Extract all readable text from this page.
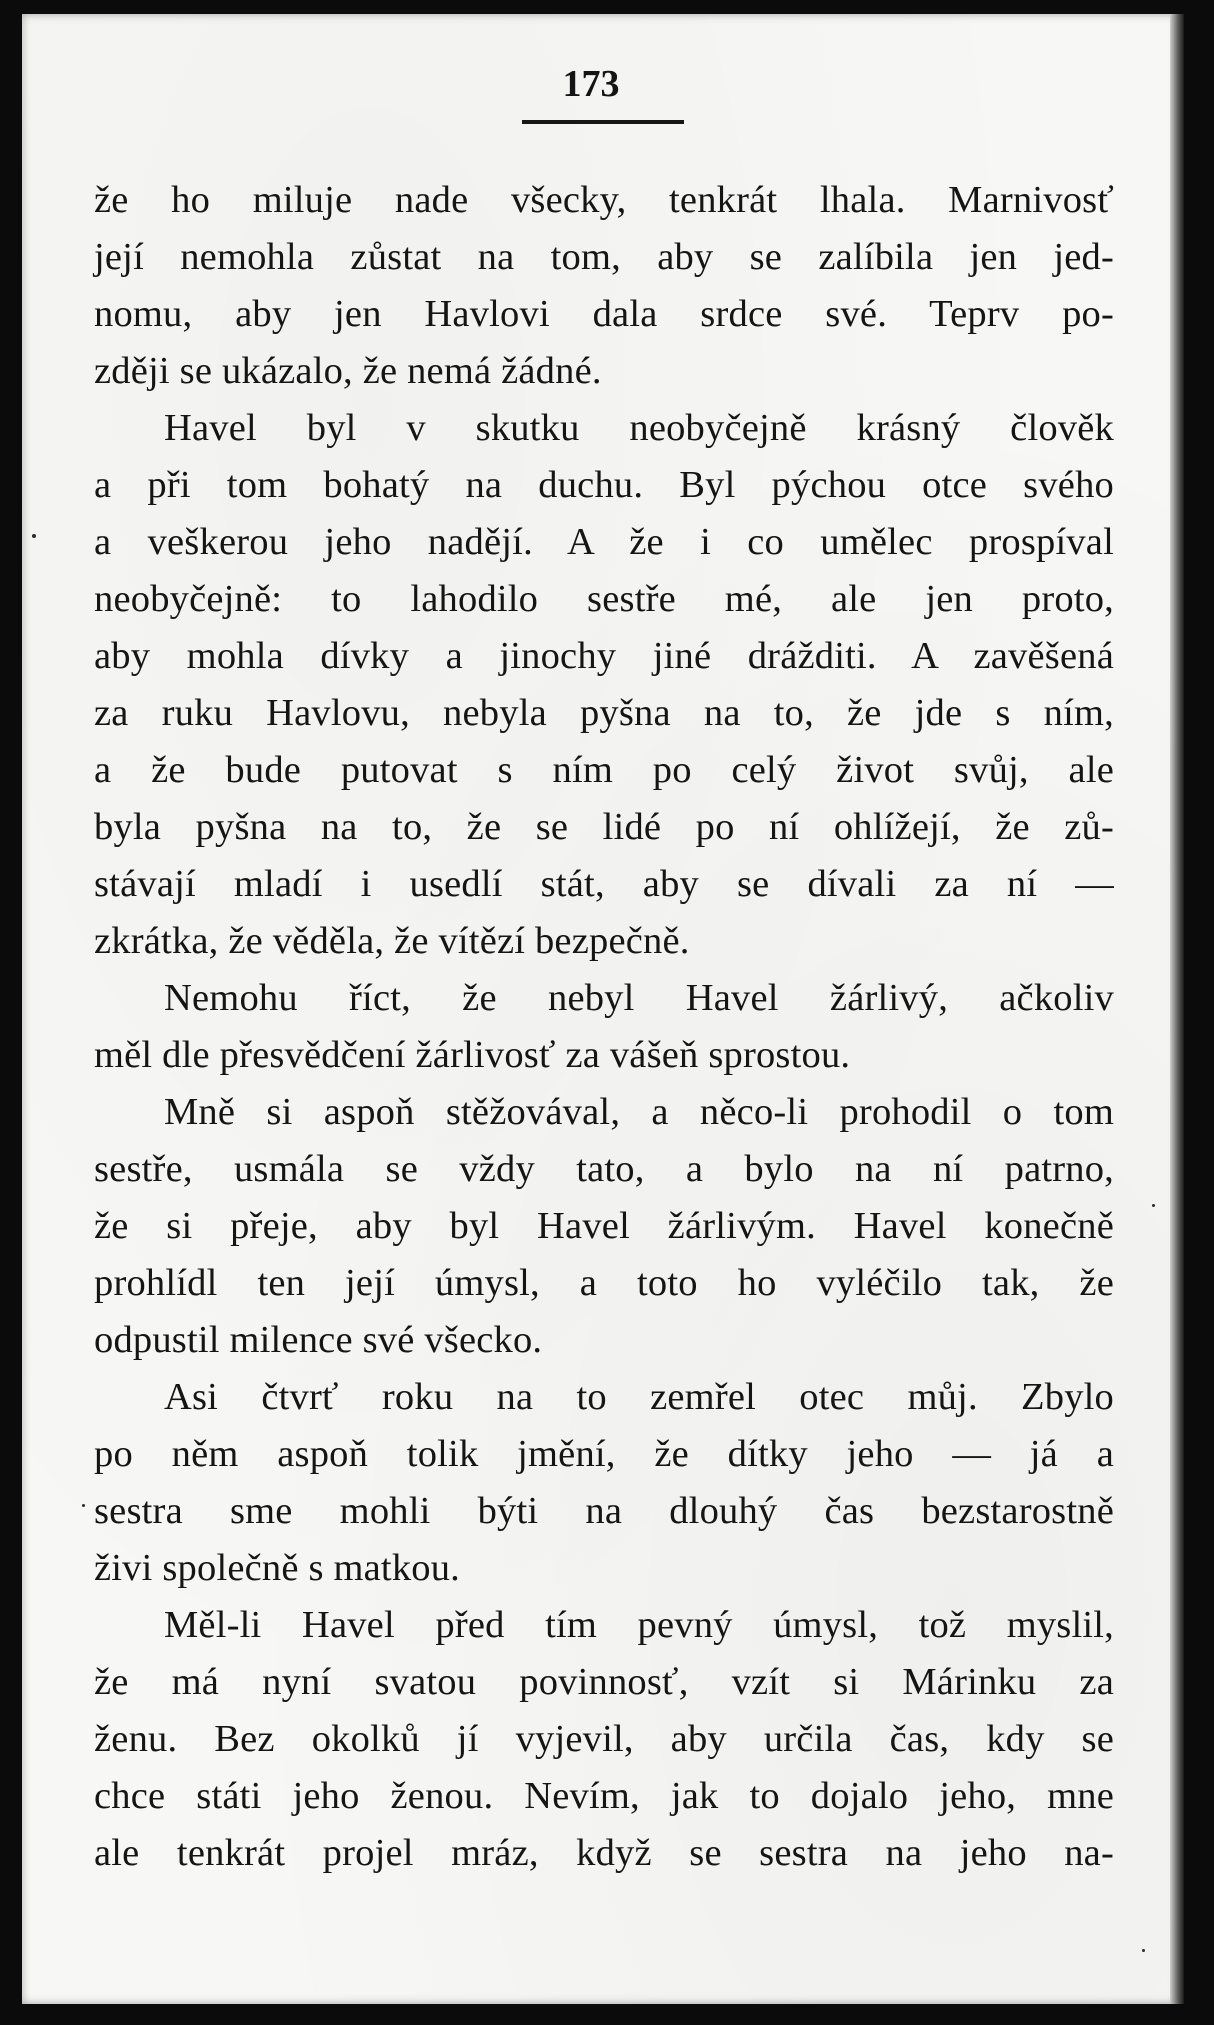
173
že ho miluje nade všecky, tenkrát lhala. Marnivosť
její nemohla zůstat na tom, aby se zalíbila jen jed-
nomu, aby jen Havlovi dala srdce své. Teprv po-
zději se ukázalo, že nemá žádné.
Havel byl v skutku neobyčejně krásný člověk
a při tom bohatý na duchu. Byl pýchou otce svého
a veškerou jeho nadějí. A že i co umělec prospíval
neobyčejně: to lahodilo sestře mé, ale jen proto,
aby mohla dívky a jinochy jiné drážditi. A zavěšená
za ruku Havlovu, nebyla pyšna na to, že jde s ním,
a že bude putovat s ním po celý život svůj, ale
byla pyšna na to, že se lidé po ní ohlížejí, že zů-
stávají mladí i usedlí stát, aby se dívali za ní —
zkrátka, že věděla, že vítězí bezpečně.
Nemohu říct, že nebyl Havel žárlivý, ačkoliv
měl dle přesvědčení žárlivosť za vášeň sprostou.
Mně si aspoň stěžovával, a něco-li prohodil o tom
sestře, usmála se vždy tato, a bylo na ní patrno,
že si přeje, aby byl Havel žárlivým. Havel konečně
prohlídl ten její úmysl, a toto ho vyléčilo tak, že
odpustil milence své všecko.
Asi čtvrť roku na to zemřel otec můj. Zbylo
po něm aspoň tolik jmění, že dítky jeho — já a
sestra sme mohli býti na dlouhý čas bezstarostně
živi společně s matkou.
Měl-li Havel před tím pevný úmysl, tož myslil,
že má nyní svatou povinnosť, vzít si Márinku za
ženu. Bez okolků jí vyjevil, aby určila čas, kdy se
chce státi jeho ženou. Nevím, jak to dojalo jeho, mne
ale tenkrát projel mráz, když se sestra na jeho na-
